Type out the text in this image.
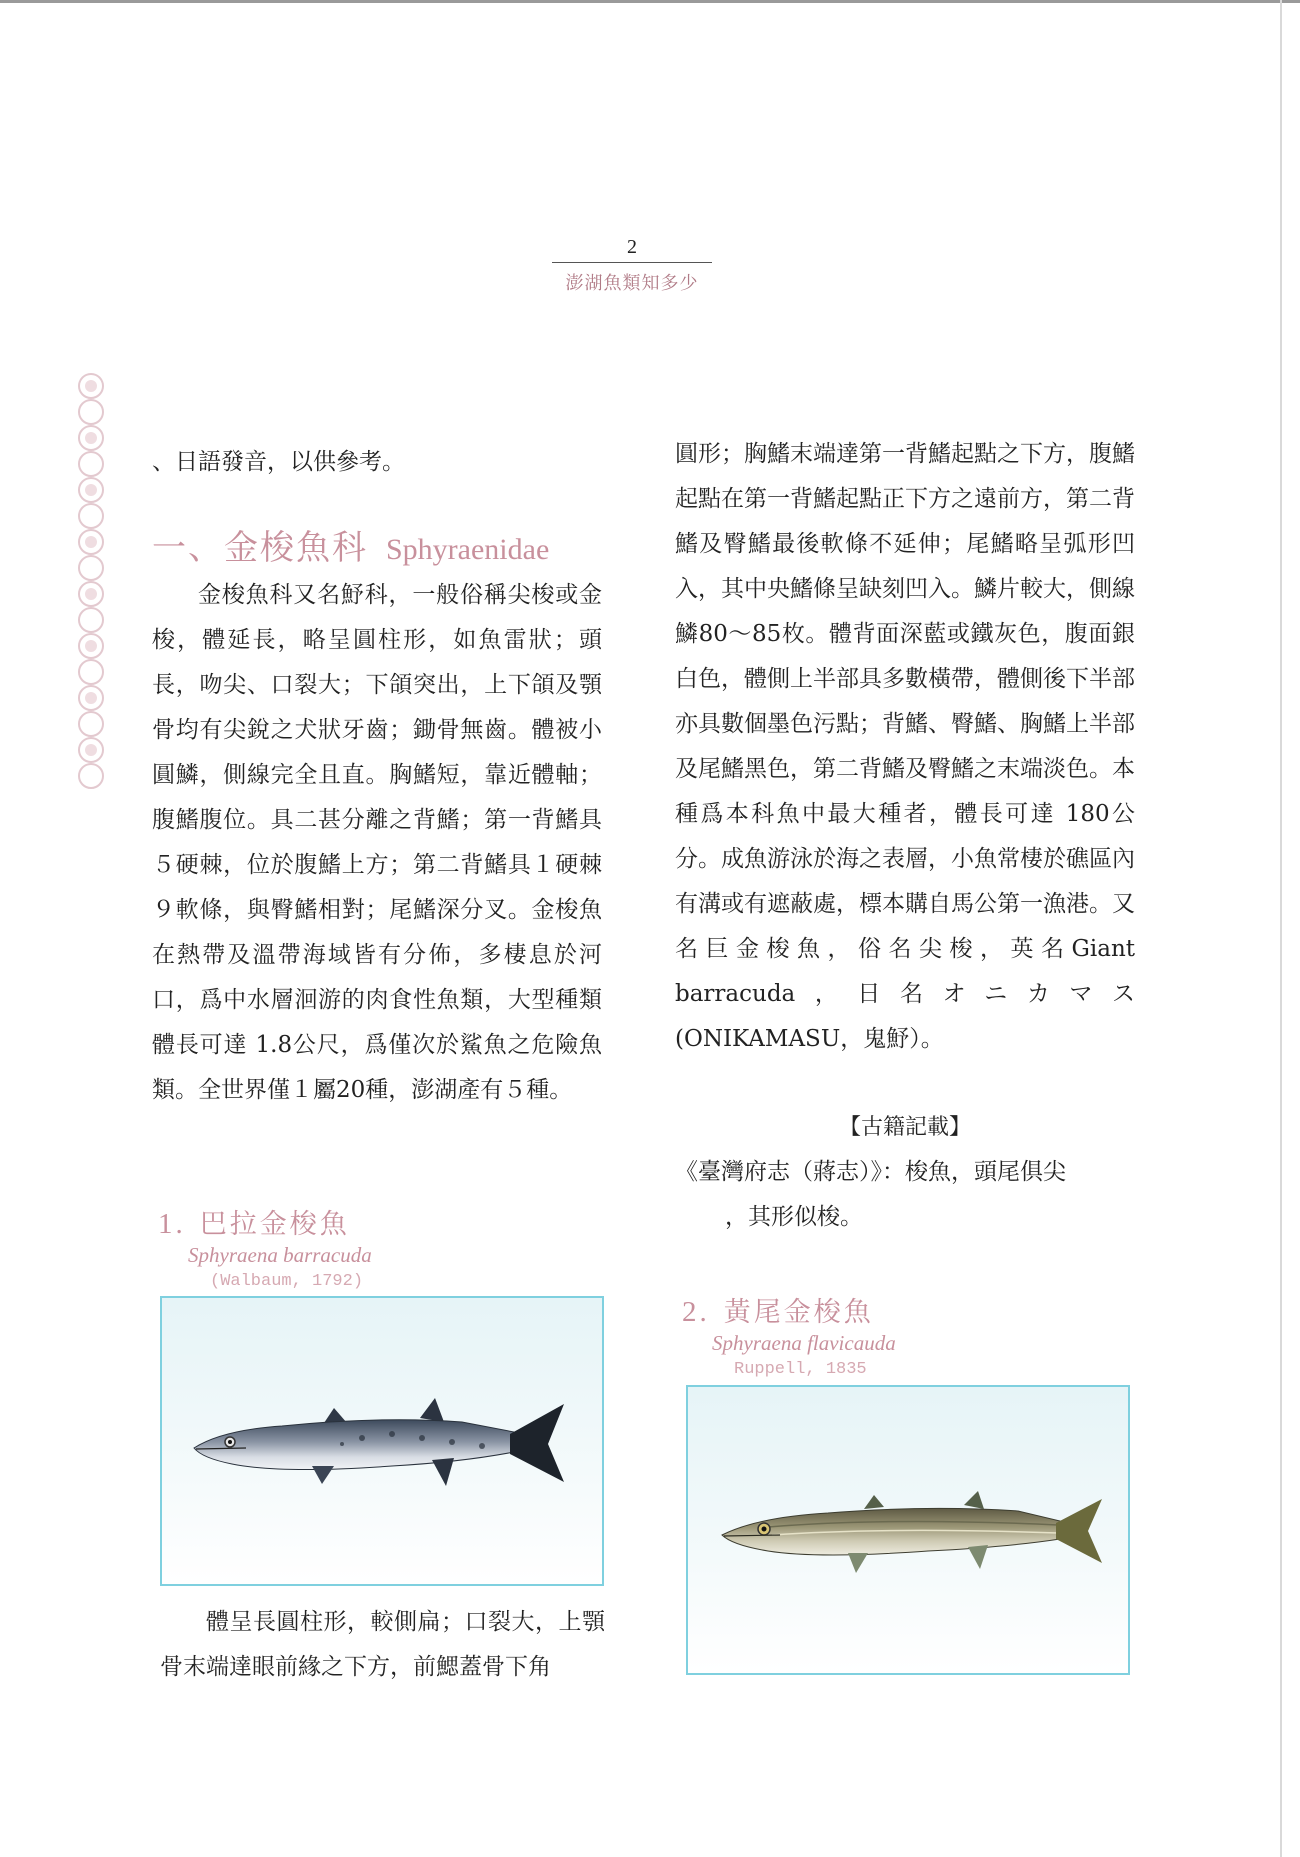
2
澎湖魚類知多少

、日語發音，以供參考。

一、金梭魚科 Sphyraenidae

金梭魚科又名魣科，一般俗稱尖梭或金梭，體延長，略呈圓柱形，如魚雷狀；頭長，吻尖、口裂大；下頜突出，上下頜及顎骨均有尖銳之犬狀牙齒；鋤骨無齒。體被小圓鱗，側線完全且直。胸鰭短，靠近體軸；腹鰭腹位。具二甚分離之背鰭；第一背鰭具５硬棘，位於腹鰭上方；第二背鰭具１硬棘９軟條，與臀鰭相對；尾鰭深分叉。金梭魚在熱帶及溫帶海域皆有分佈，多棲息於河口，爲中水層洄游的肉食性魚類，大型種類體長可達 1.8公尺，爲僅次於鯊魚之危險魚類。全世界僅１屬20種，澎湖產有５種。

1. 巴拉金梭魚
Sphyraena barracuda
(Walbaum, 1792)

體呈長圓柱形，較側扁；口裂大，上顎骨末端達眼前緣之下方，前鰓蓋骨下角

圓形；胸鰭末端達第一背鰭起點之下方，腹鰭起點在第一背鰭起點正下方之遠前方，第二背鰭及臀鰭最後軟條不延伸；尾鰭略呈弧形凹入，其中央鰭條呈缺刻凹入。鱗片較大，側線鱗80～85枚。體背面深藍或鐵灰色，腹面銀白色，體側上半部具多數橫帶，體側後下半部亦具數個墨色污點；背鰭、臀鰭、胸鰭上半部及尾鰭黑色，第二背鰭及臀鰭之末端淡色。本種爲本科魚中最大種者，體長可達 180公分。成魚游泳於海之表層，小魚常棲於礁區內有溝或有遮蔽處，標本購自馬公第一漁港。又名巨金梭魚，俗名尖梭，英名Giant barracuda，日名オニカマス(ONIKAMASU，鬼魣）。

【古籍記載】

《臺灣府志（蔣志）》：梭魚，頭尾俱尖
，其形似梭。

2. 黃尾金梭魚
Sphyraena flavicauda
Ruppell, 1835
